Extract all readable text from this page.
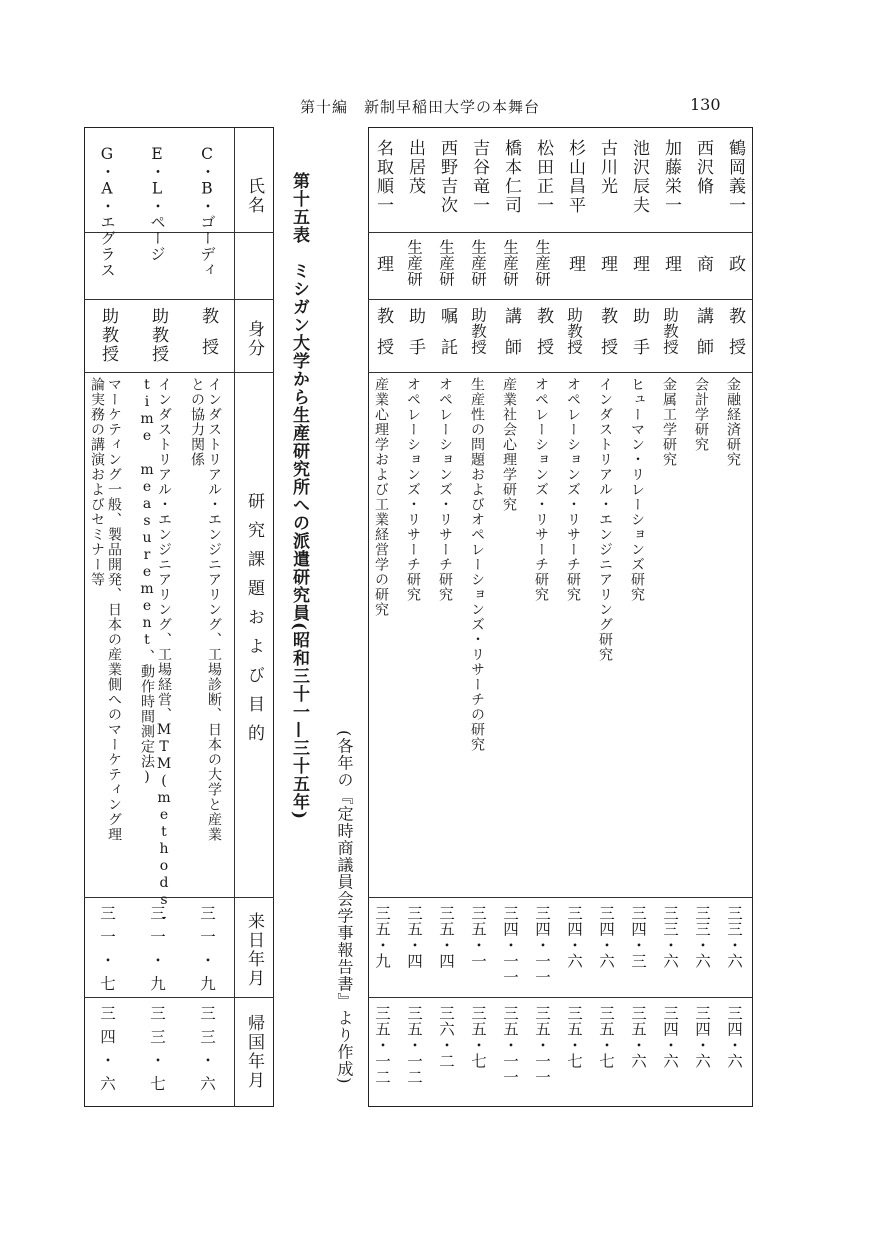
第十編　新制早稲田大学の本舞台	130
鶴岡義一
政
教授
金融経済研究
三三・六
三四・六
西沢脩
商
講師
会計学研究
三三・六
三四・六
加藤栄一
理
助教授
金属工学研究
三三・六
三四・六
池沢辰夫
理
助手
ヒューマン・リレーションズ研究
三四・三
三五・六
古川光
理
教授
インダストリアル・エンジニアリング研究
三四・六
三五・七
杉山昌平
理
助教授
オペレーションズ・リサーチ研究
三四・六
三五・七
松田正一
生産研
教授
オペレーションズ・リサーチ研究
三四・一一
三五・一一
橋本仁司
生産研
講師
産業社会心理学研究
三四・一一
三五・一一
吉谷竜一
生産研
助教授
生産性の問題およびオペレーションズ・リサーチの研究
三五・一
三五・七
西野吉次
生産研
嘱託
オペレーションズ・リサーチ研究
三五・四
三六・二
出居茂
生産研
助手
オペレーションズ・リサーチ研究
三五・四
三五・一二
名取順一
理
教授
産業心理学および工業経営学の研究
三五・九
三五・一二
第十五表　ミシガン大学から生産研究所への派遣研究員(昭和三十一—三十五年)
(各年の『定時商議員会学事報告書』より作成)
氏名
身分
研究課題および目的
来日年月
帰国年月
C・B・ゴーディ
教授
インダストリアル・エンジニアリング、工場診断、日本の大学と産業
との協力関係
三一・九
三三・六
E・L・ページ
助教授
インダストリアル・エンジニアリング、工場経営、MTM(methods-
time measurement、動作時間測定法)
三一・九
三三・七
G・A・エグラス
助教授
マーケティング一般、製品開発、日本の産業側へのマーケティング理
論実務の講演およびセミナー等
三一・七
三四・六
